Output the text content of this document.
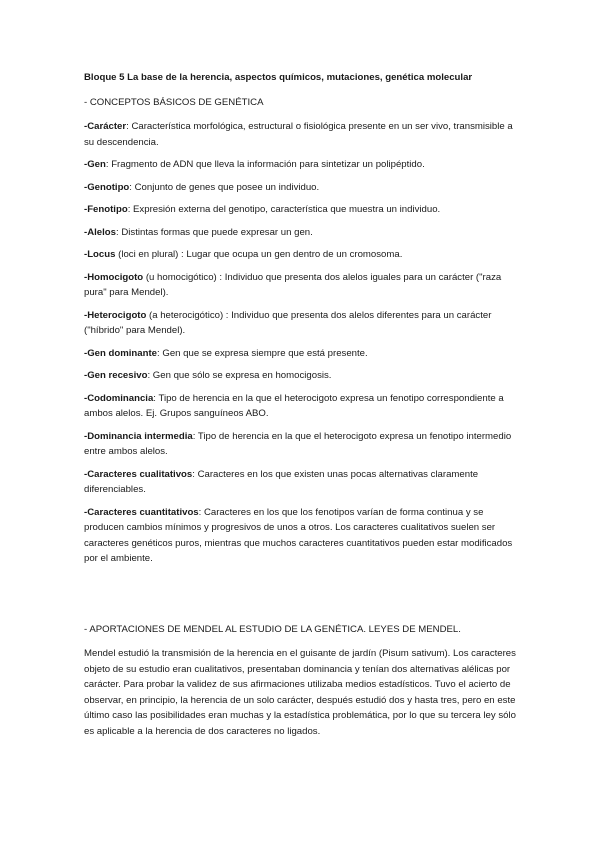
Bloque 5 La base de la herencia, aspectos químicos, mutaciones, genética molecular

- CONCEPTOS BÁSICOS DE GENÉTICA

-Carácter: Característica morfológica, estructural o fisiológica presente en un ser vivo, transmisible a su descendencia.

-Gen: Fragmento de ADN que lleva la información para sintetizar un polipéptido.

-Genotipo: Conjunto de genes que posee un individuo.

-Fenotipo: Expresión externa del genotipo, característica que muestra un individuo.

-Alelos: Distintas formas que puede expresar un gen.

-Locus (loci en plural) : Lugar que ocupa un gen dentro de un cromosoma.

-Homocigoto (u homocigótico) : Individuo que presenta dos alelos iguales para un carácter ("raza pura" para Mendel).

-Heterocigoto (a heterocigótico) : Individuo que presenta dos alelos diferentes para un carácter ("híbrido" para Mendel).

-Gen dominante: Gen que se expresa siempre que está presente.

-Gen recesivo: Gen que sólo se expresa en homocigosis.

-Codominancia: Tipo de herencia en la que el heterocigoto expresa un fenotipo correspondiente a ambos alelos. Ej. Grupos sanguíneos ABO.

-Dominancia intermedia: Tipo de herencia en la que el heterocigoto expresa un fenotipo intermedio entre ambos alelos.

-Caracteres cualitativos: Caracteres en los que existen unas pocas alternativas claramente diferenciables.

-Caracteres cuantitativos: Caracteres en los que los fenotipos varían de forma continua y se producen cambios mínimos y progresivos de unos a otros. Los caracteres cualitativos suelen ser caracteres genéticos puros, mientras que muchos caracteres cuantitativos pueden estar modificados por el ambiente.

- APORTACIONES DE MENDEL AL ESTUDIO DE LA GENÉTICA. LEYES DE MENDEL.

Mendel estudió la transmisión de la herencia en el guisante de jardín (Pisum sativum). Los caracteres objeto de su estudio eran cualitativos, presentaban dominancia y tenían dos alternativas alélicas por carácter. Para probar la validez de sus afirmaciones utilizaba medios estadísticos. Tuvo el acierto de observar, en principio, la herencia de un solo carácter, después estudió dos y hasta tres, pero en este último caso las posibilidades eran muchas y la estadística problemática, por lo que su tercera ley sólo es aplicable a la herencia de dos caracteres no ligados.
